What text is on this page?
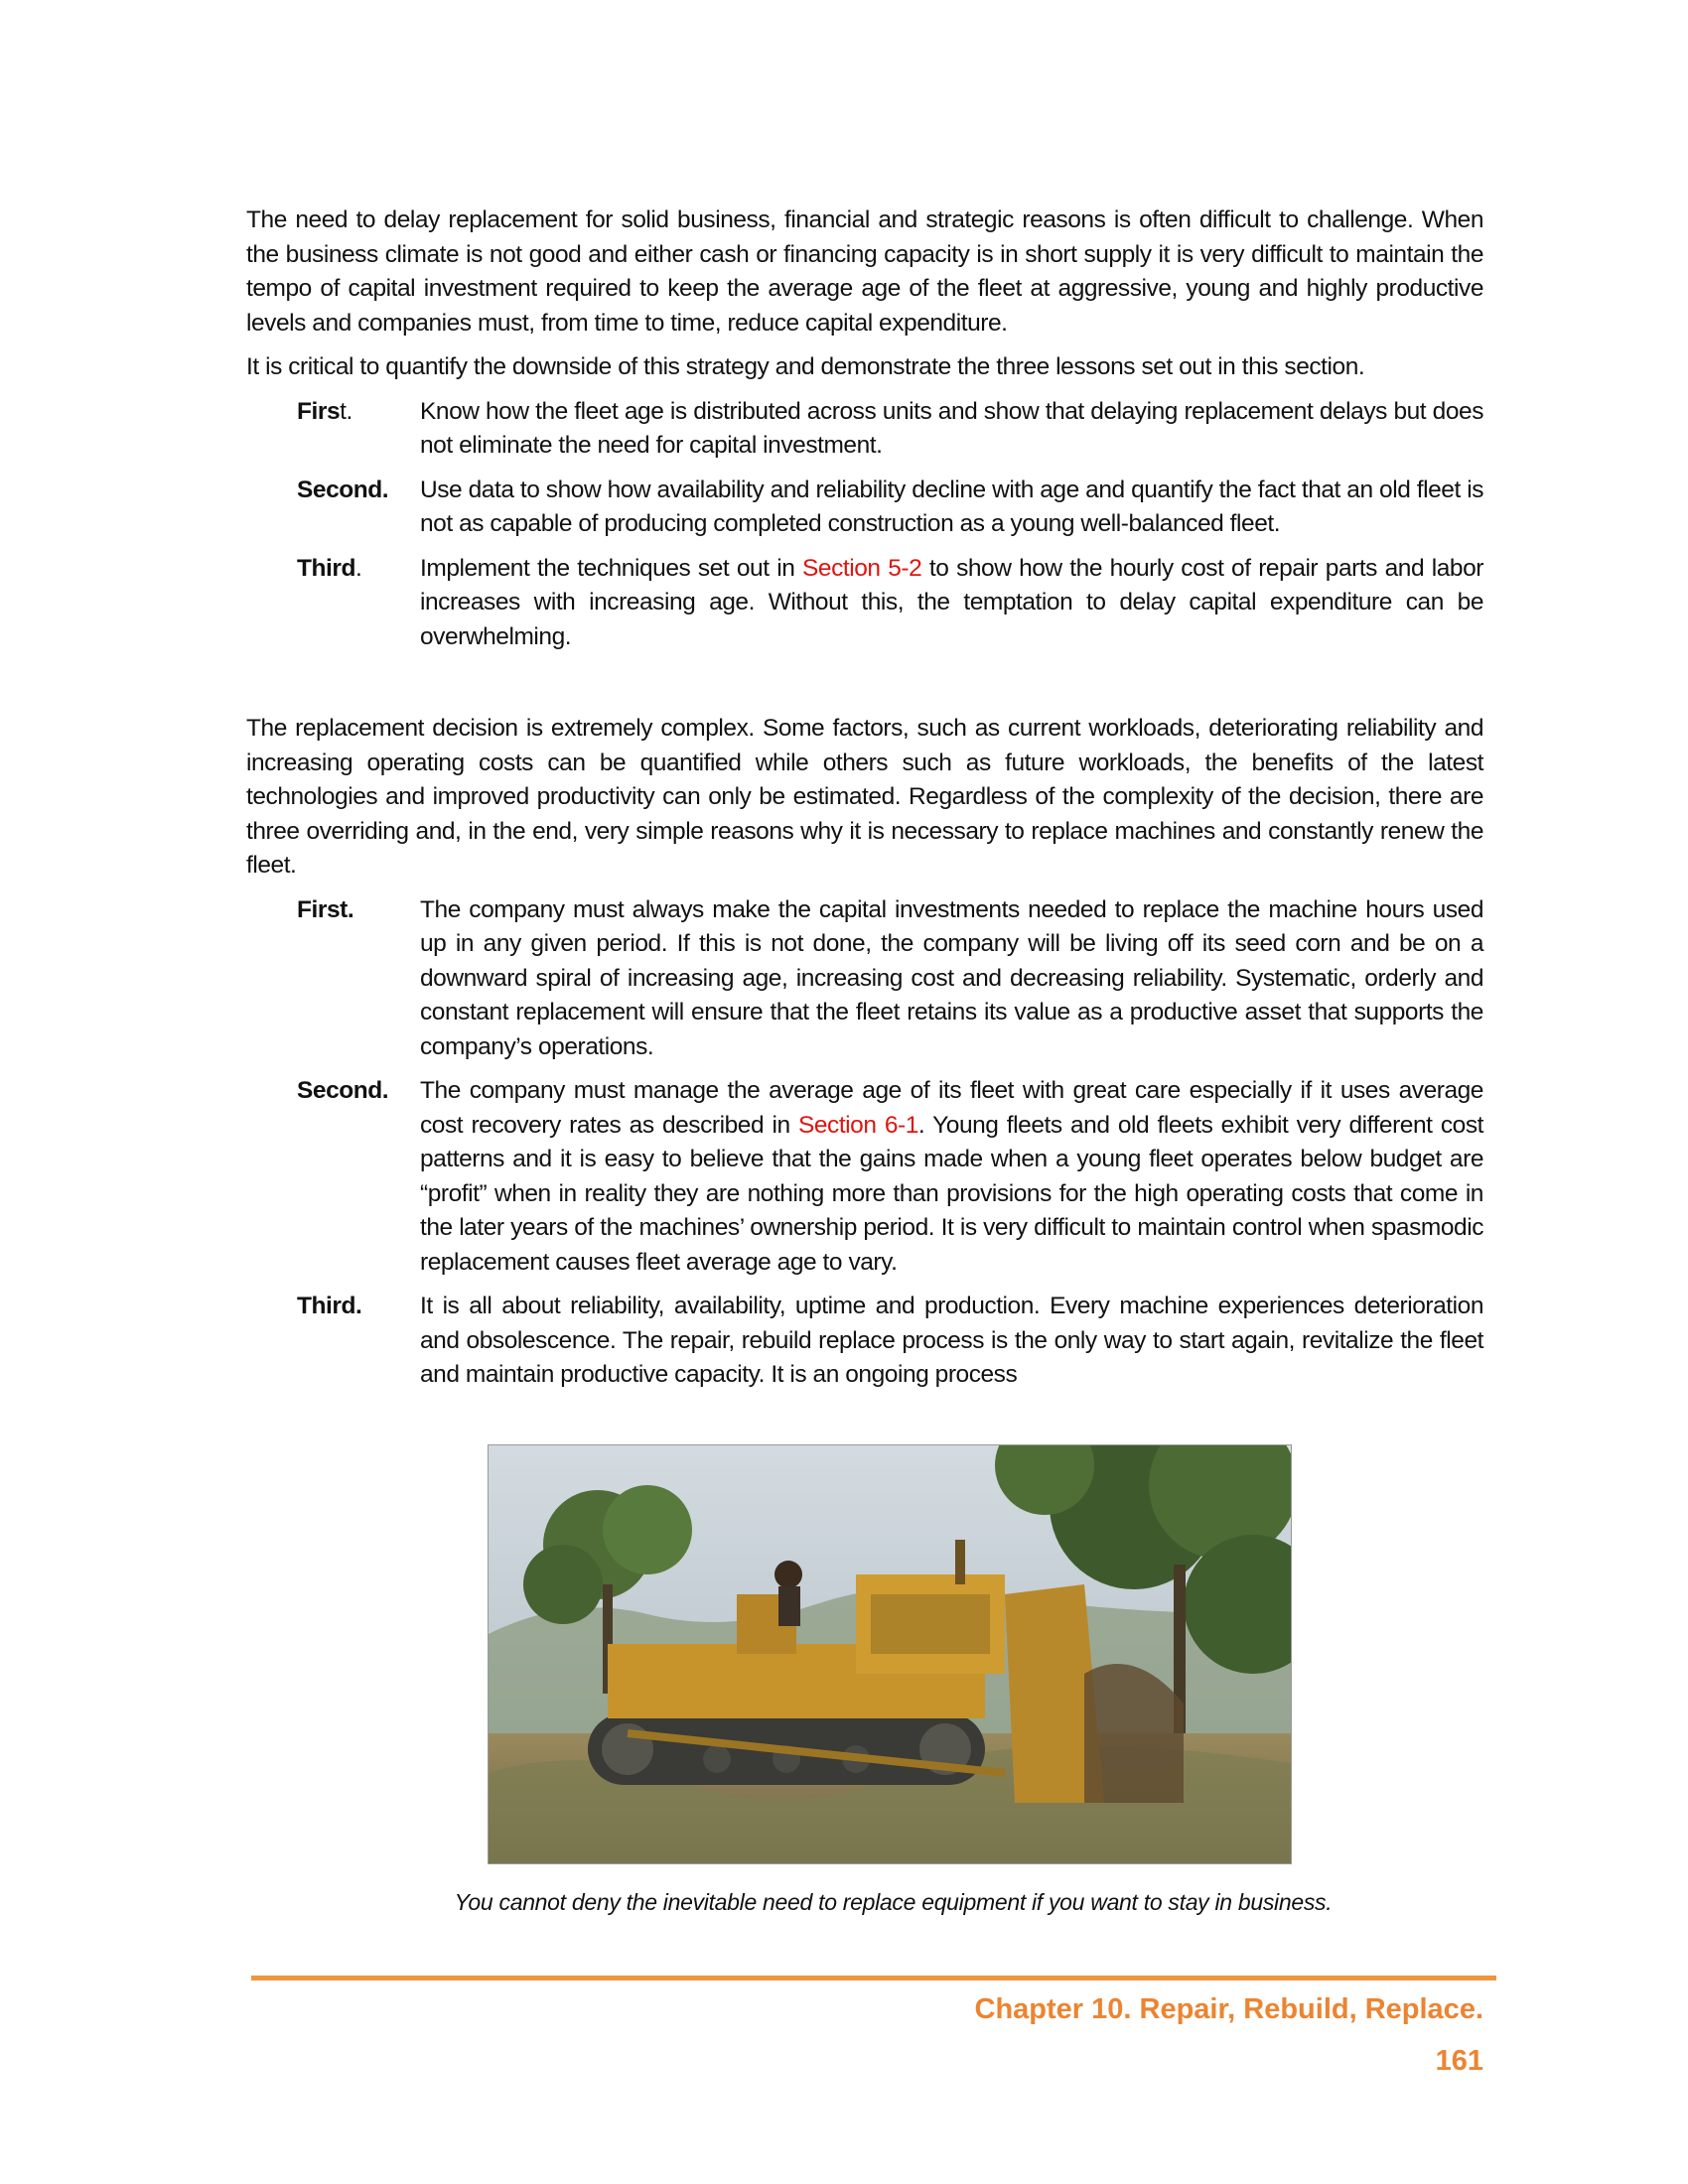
The need to delay replacement for solid business, financial and strategic reasons is often difficult to challenge. When the business climate is not good and either cash or financing capacity is in short supply it is very difficult to maintain the tempo of capital investment required to keep the average age of the fleet at aggressive, young and highly productive levels and companies must, from time to time, reduce capital expenditure.

It is critical to quantify the downside of this strategy and demonstrate the three lessons set out in this section.

First.	Know how the fleet age is distributed across units and show that delaying replacement delays but does not eliminate the need for capital investment.
Second.	Use data to show how availability and reliability decline with age and quantify the fact that an old fleet is not as capable of producing completed construction as a young well-balanced fleet.
Third.	Implement the techniques set out in Section 5-2 to show how the hourly cost of repair parts and labor increases with increasing age. Without this, the temptation to delay capital expenditure can be overwhelming.

The replacement decision is extremely complex. Some factors, such as current workloads, deteriorating reliability and increasing operating costs can be quantified while others such as future workloads, the benefits of the latest technologies and improved productivity can only be estimated. Regardless of the complexity of the decision, there are three overriding and, in the end, very simple reasons why it is necessary to replace machines and constantly renew the fleet.

First.	The company must always make the capital investments needed to replace the machine hours used up in any given period. If this is not done, the company will be living off its seed corn and be on a downward spiral of increasing age, increasing cost and decreasing reliability. Systematic, orderly and constant replacement will ensure that the fleet retains its value as a productive asset that supports the company’s operations.
Second.	The company must manage the average age of its fleet with great care especially if it uses average cost recovery rates as described in Section 6-1. Young fleets and old fleets exhibit very different cost patterns and it is easy to believe that the gains made when a young fleet operates below budget are “profit” when in reality they are nothing more than provisions for the high operating costs that come in the later years of the machines’ ownership period. It is very difficult to maintain control when spasmodic replacement causes fleet average age to vary.
Third.	It is all about reliability, availability, uptime and production. Every machine experiences deterioration and obsolescence. The repair, rebuild replace process is the only way to start again, revitalize the fleet and maintain productive capacity. It is an ongoing process
You cannot deny the inevitable need to replace equipment if you want to stay in business.
Chapter 10. Repair, Rebuild, Replace.
161
